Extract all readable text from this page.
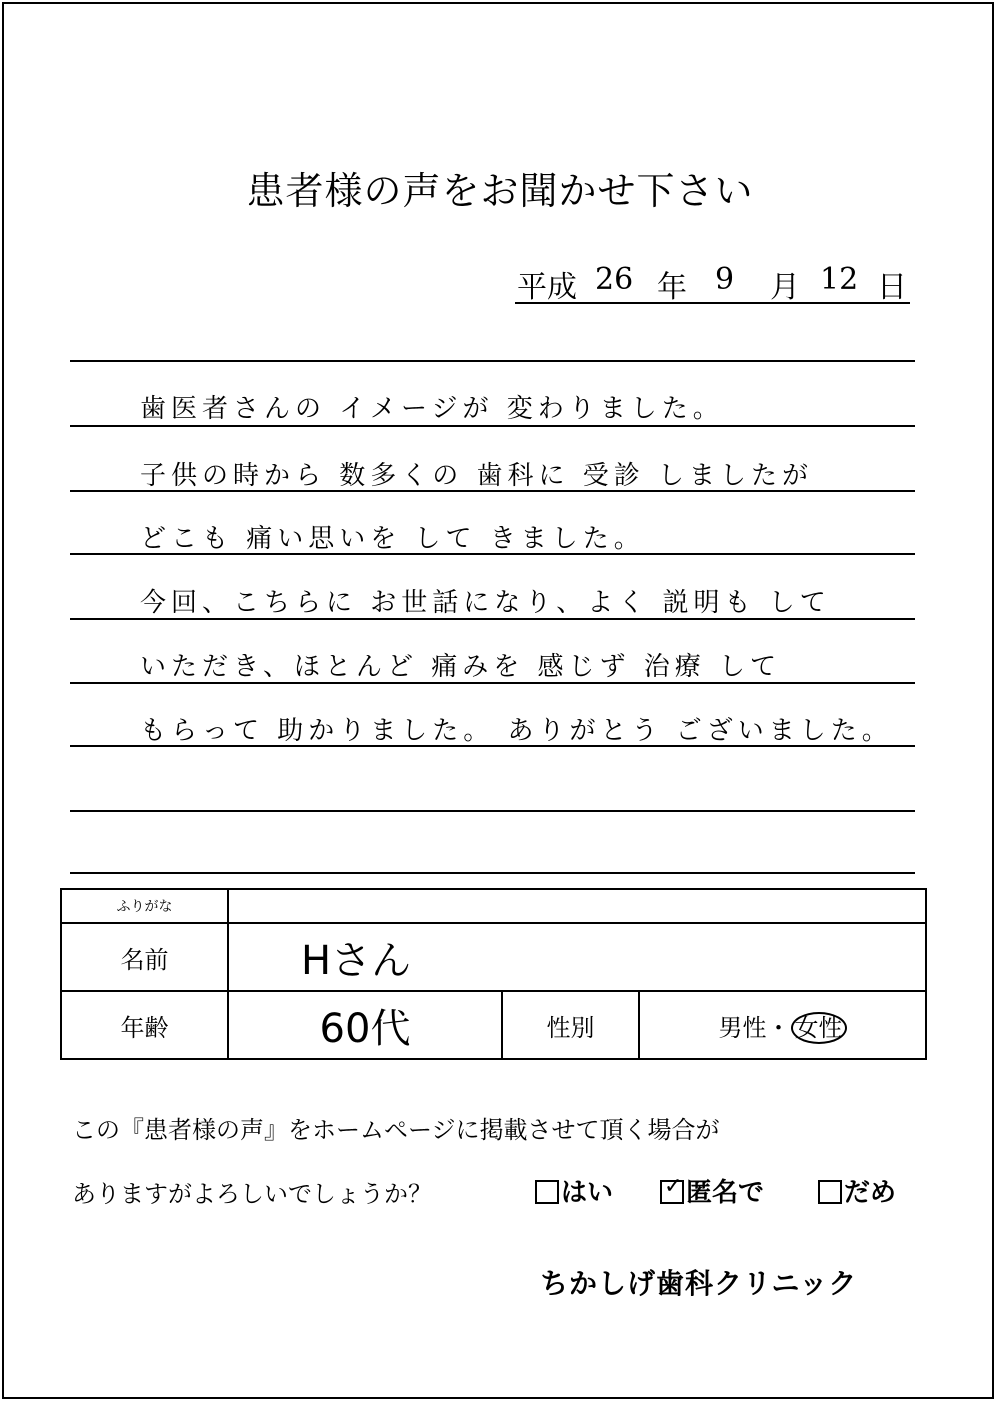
患者様の声をお聞かせ下さい
平成 26 年 9 月 12 日
歯医者さんの イメージが 変わりました。
子供の時から 数多くの 歯科に 受診 しましたが
どこも 痛い思いを して きました。
今回、こちらに お世話になり、よく 説明も して
いただき、ほとんど 痛みを 感じず 治療 して
もらって 助かりました。 ありがとう ございました。
ふりがな			
名前	Hさん		
年齢	60代	性別	男性・ 女性
この『患者様の声』をホームページに掲載させて頂く場合が
ありますがよろしいでしょうか？	はい ✓ 匿名で	だめ
ちかしげ歯科クリニック
